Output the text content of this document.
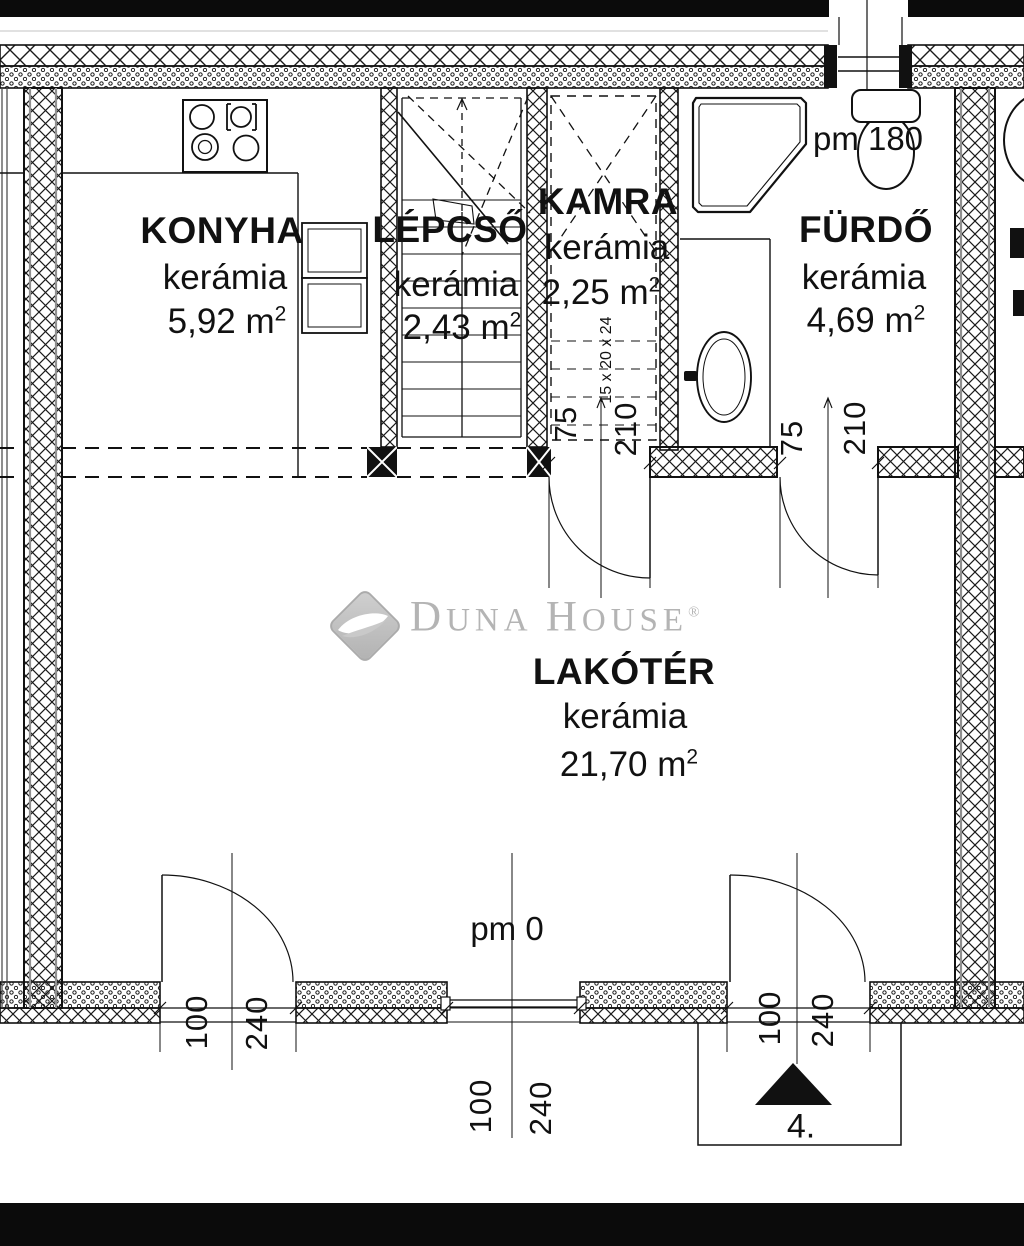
DUNA HOUSE®
KONYHA
kerámia
5,92 $m^2$
LÉPCSŐ
kerámia
2,43 $m^2$
KAMRA
kerámia
2,25 $m^2$
FÜRDŐ
kerámia
4,69 $m^2$
LAKÓTÉR
kerámia
21,70 $m^2$
pm 180
pm 0
4.
15 x 20 x 24
75 210	75 210
100 240
100 240
100 240
